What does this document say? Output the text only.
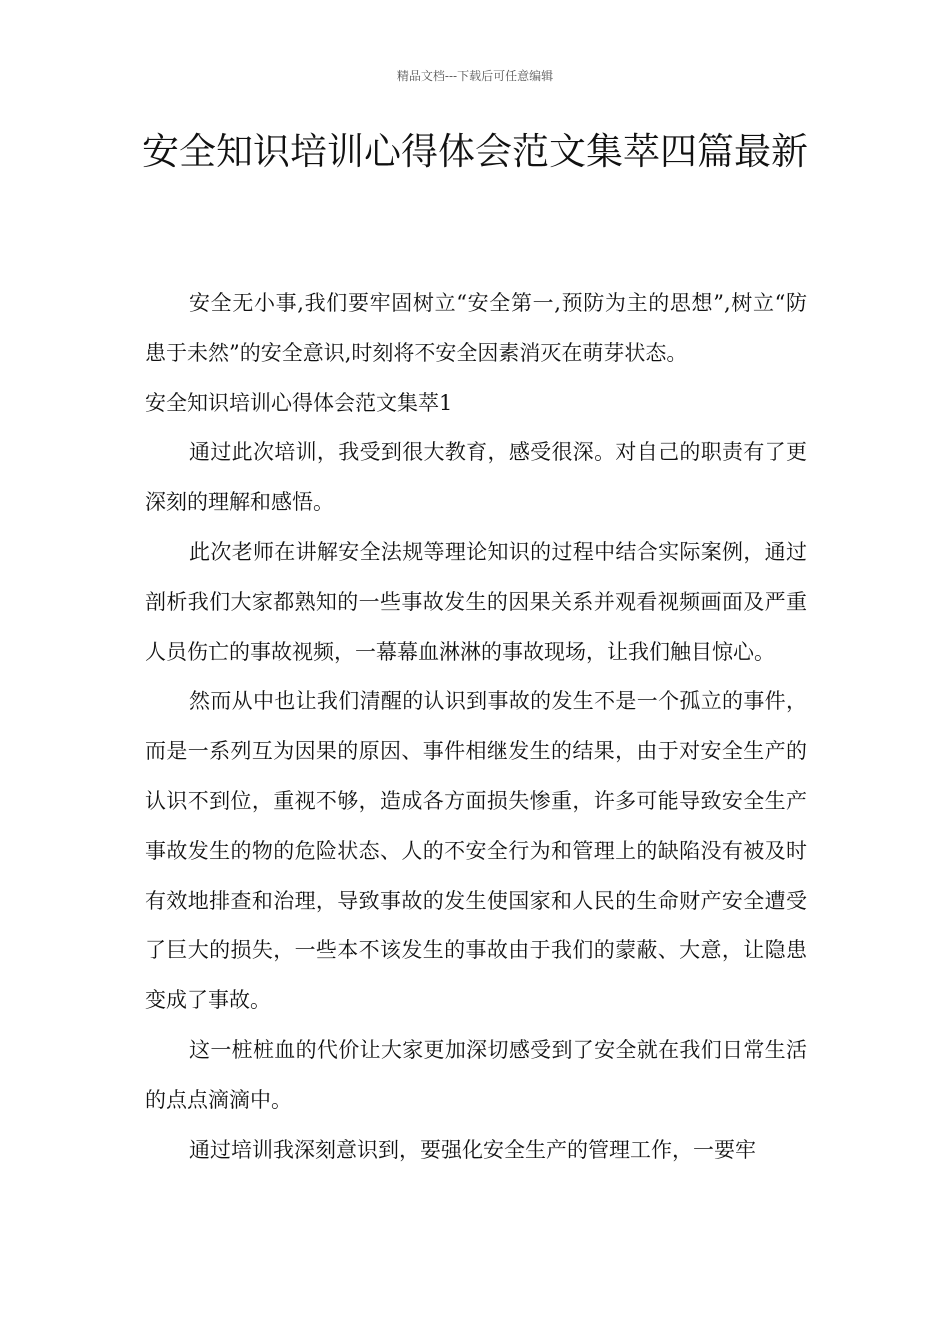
精品文档---下载后可任意编辑
安全知识培训心得体会范文集萃四篇最新

安全无小事,我们要牢固树立“安全第一,预防为主的思想”,树立“防患于未然”的安全意识,时刻将不安全因素消灭在萌芽状态。

安全知识培训心得体会范文集萃1

通过此次培训，我受到很大教育，感受很深。对自己的职责有了更深刻的理解和感悟。

此次老师在讲解安全法规等理论知识的过程中结合实际案例，通过剖析我们大家都熟知的一些事故发生的因果关系并观看视频画面及严重人员伤亡的事故视频，一幕幕血淋淋的事故现场，让我们触目惊心。

然而从中也让我们清醒的认识到事故的发生不是一个孤立的事件，而是一系列互为因果的原因、事件相继发生的结果，由于对安全生产的认识不到位，重视不够，造成各方面损失惨重，许多可能导致安全生产事故发生的物的危险状态、人的不安全行为和管理上的缺陷没有被及时有效地排查和治理，导致事故的发生使国家和人民的生命财产安全遭受了巨大的损失，一些本不该发生的事故由于我们的蒙蔽、大意，让隐患变成了事故。

这一桩桩血的代价让大家更加深切感受到了安全就在我们日常生活的点点滴滴中。

通过培训我深刻意识到，要强化安全生产的管理工作，一要牢
